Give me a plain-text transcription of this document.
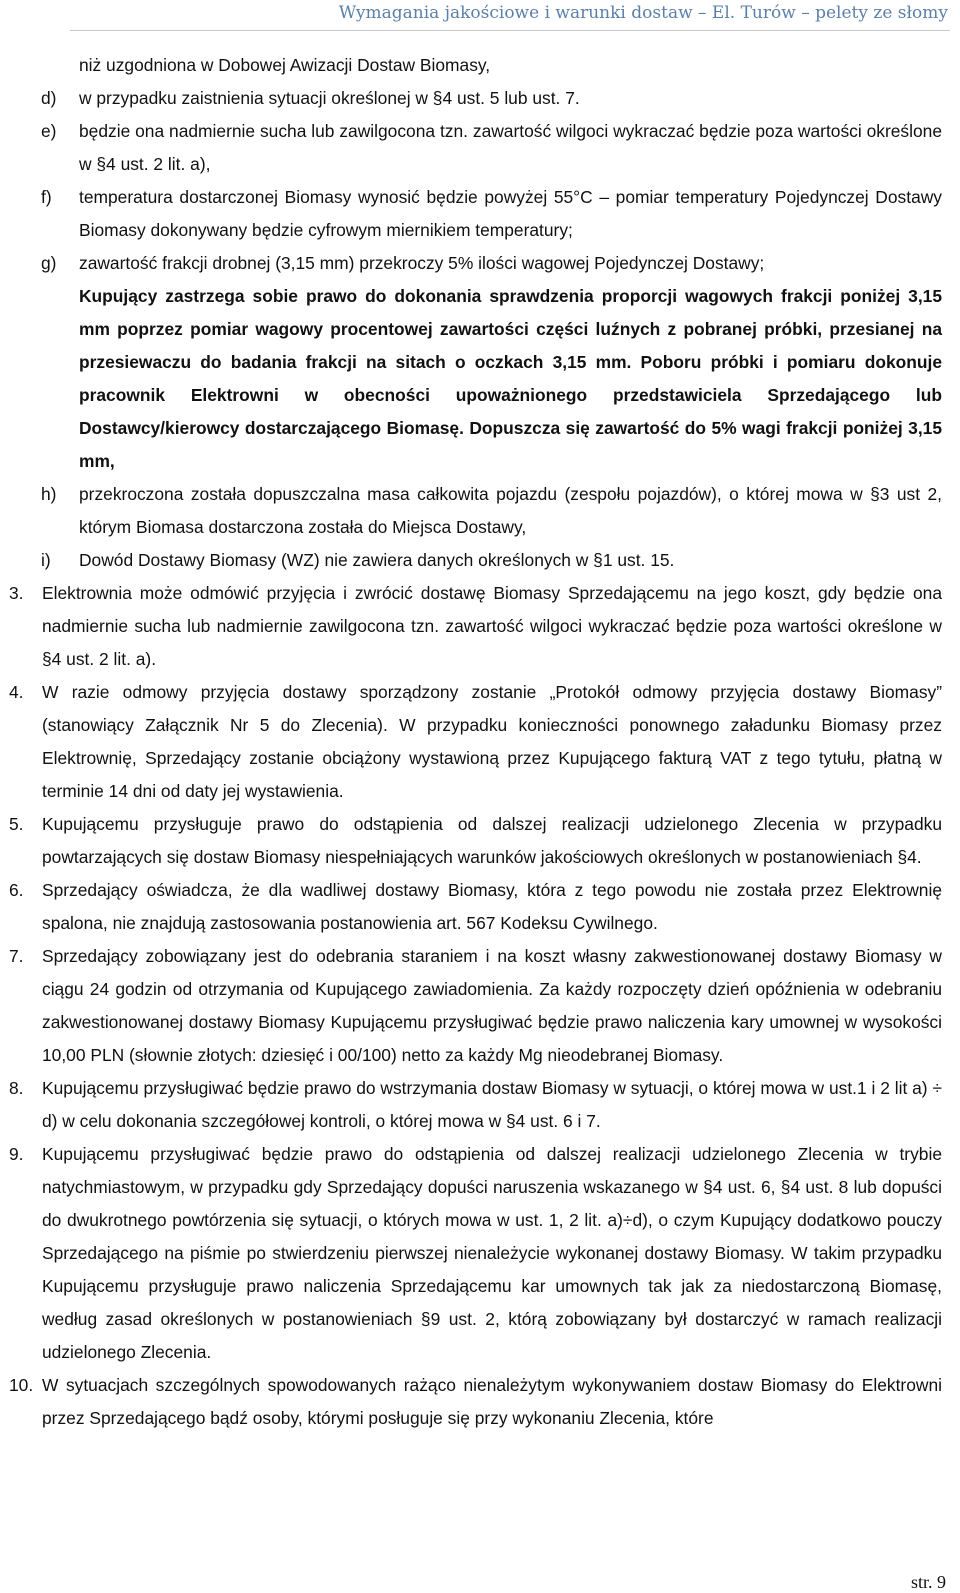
Wymagania jakościowe i warunki dostaw – El. Turów – pelety ze słomy
niż uzgodniona w Dobowej Awizacji Dostaw Biomasy,
d) w przypadku zaistnienia sytuacji określonej w §4 ust. 5 lub ust. 7.
e) będzie ona nadmiernie sucha lub zawilgocona tzn. zawartość wilgoci wykraczać będzie poza wartości określone w §4 ust. 2 lit. a),
f) temperatura dostarczonej Biomasy wynosić będzie powyżej 55°C – pomiar temperatury Pojedynczej Dostawy Biomasy dokonywany będzie cyfrowym miernikiem temperatury;
g) zawartość frakcji drobnej (3,15 mm) przekroczy 5% ilości wagowej Pojedynczej Dostawy;
Kupujący zastrzega sobie prawo do dokonania sprawdzenia proporcji wagowych frakcji poniżej 3,15 mm poprzez pomiar wagowy procentowej zawartości części luźnych z pobranej próbki, przesianej na przesiewaczu do badania frakcji na sitach o oczkach 3,15 mm. Poboru próbki i pomiaru dokonuje pracownik Elektrowni w obecności upoważnionego przedstawiciela Sprzedającego lub Dostawcy/kierowcy dostarczającego Biomasę. Dopuszcza się zawartość do 5% wagi frakcji poniżej 3,15 mm,
h) przekroczona została dopuszczalna masa całkowita pojazdu (zespołu pojazdów), o której mowa w §3 ust 2, którym Biomasa dostarczona została do Miejsca Dostawy,
i) Dowód Dostawy Biomasy (WZ) nie zawiera danych określonych w §1 ust. 15.
3. Elektrownia może odmówić przyjęcia i zwrócić dostawę Biomasy Sprzedającemu na jego koszt, gdy będzie ona nadmiernie sucha lub nadmiernie zawilgocona tzn. zawartość wilgoci wykraczać będzie poza wartości określone w §4 ust. 2 lit. a).
4. W razie odmowy przyjęcia dostawy sporządzony zostanie „Protokół odmowy przyjęcia dostawy Biomasy” (stanowiący Załącznik Nr 5 do Zlecenia). W przypadku konieczności ponownego załadunku Biomasy przez Elektrownię, Sprzedający zostanie obciążony wystawioną przez Kupującego fakturą VAT z tego tytułu, płatną w terminie 14 dni od daty jej wystawienia.
5. Kupującemu przysługuje prawo do odstąpienia od dalszej realizacji udzielonego Zlecenia w przypadku powtarzających się dostaw Biomasy niespełniających warunków jakościowych określonych w postanowieniach §4.
6. Sprzedający oświadcza, że dla wadliwej dostawy Biomasy, która z tego powodu nie została przez Elektrownię spalona, nie znajdują zastosowania postanowienia art. 567 Kodeksu Cywilnego.
7. Sprzedający zobowiązany jest do odebrania staraniem i na koszt własny zakwestionowanej dostawy Biomasy w ciągu 24 godzin od otrzymania od Kupującego zawiadomienia. Za każdy rozpoczęty dzień opóźnienia w odebraniu zakwestionowanej dostawy Biomasy Kupującemu przysługiwać będzie prawo naliczenia kary umownej w wysokości 10,00 PLN (słownie złotych: dziesięć i 00/100) netto za każdy Mg nieodebranej Biomasy.
8. Kupującemu przysługiwać będzie prawo do wstrzymania dostaw Biomasy w sytuacji, o której mowa w ust.1 i 2 lit a) ÷ d) w celu dokonania szczegółowej kontroli, o której mowa w §4 ust. 6 i 7.
9. Kupującemu przysługiwać będzie prawo do odstąpienia od dalszej realizacji udzielonego Zlecenia w trybie natychmiastowym, w przypadku gdy Sprzedający dopuści naruszenia wskazanego w §4 ust. 6, §4 ust. 8 lub dopuści do dwukrotnego powtórzenia się sytuacji, o których mowa w ust. 1, 2 lit. a)÷d), o czym Kupujący dodatkowo pouczy Sprzedającego na piśmie po stwierdzeniu pierwszej nienależycie wykonanej dostawy Biomasy. W takim przypadku Kupującemu przysługuje prawo naliczenia Sprzedającemu kar umownych tak jak za niedostarczoną Biomasę, według zasad określonych w postanowieniach §9 ust. 2, którą zobowiązany był dostarczyć w ramach realizacji udzielonego Zlecenia.
10. W sytuacjach szczególnych spowodowanych rażąco nienależytym wykonywaniem dostaw Biomasy do Elektrowni przez Sprzedającego bądź osoby, którymi posługuje się przy wykonaniu Zlecenia, które
str. 9
